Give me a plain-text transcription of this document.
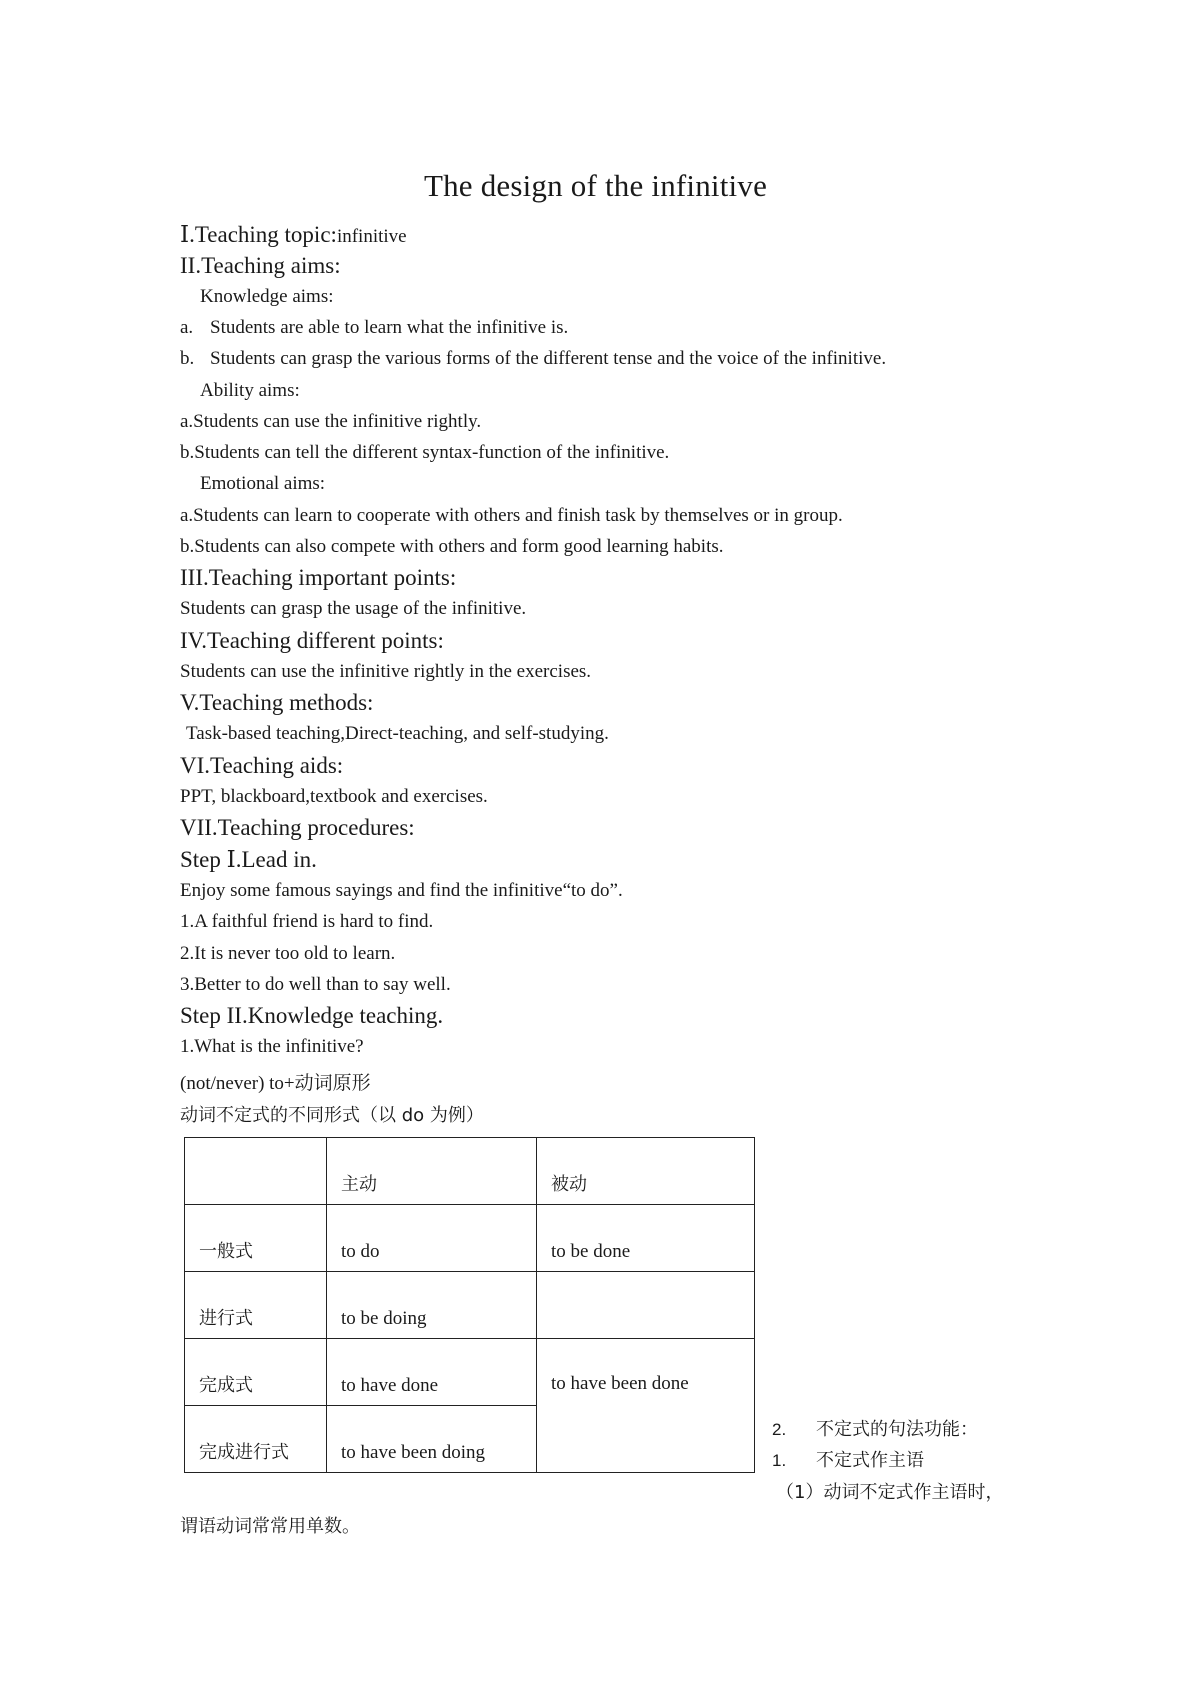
The design of the infinitive
Ⅰ.Teaching topic:infinitive
II.Teaching aims:
Knowledge aims:
a. Students are able to learn what the infinitive is.
b. Students can grasp the various forms of the different tense and the voice of the infinitive.
Ability aims:
a.Students can use the infinitive rightly.
b.Students can tell the different syntax-function of the infinitive.
Emotional aims:
a.Students can learn to cooperate with others and finish task by themselves or in group.
b.Students can also compete with others and form good learning habits.
III.Teaching important points:
Students can grasp the usage of the infinitive.
IV.Teaching different points:
Students can use the infinitive rightly in the exercises.
V.Teaching methods:
Task-based teaching,Direct-teaching, and self-studying.
VI.Teaching aids:
PPT, blackboard,textbook and exercises.
VII.Teaching procedures:
Step Ⅰ.Lead in.
Enjoy some famous sayings and find the infinitive“to do”.
1.A faithful friend is hard to find.
2.It is never too old to learn.
3.Better to do well than to say well.
Step II.Knowledge teaching.
1.What is the infinitive?
(not/never) to+动词原形
动词不定式的不同形式（以 do 为例）
	主动	被动
一般式	to do	to be done
进行式	to be doing	
完成式	to have done	to have been done
完成进行式	to have been doing	
2. 不定式的句法功能：
1. 不定式作主语
（1）动词不定式作主语时，
谓语动词常常用单数。
